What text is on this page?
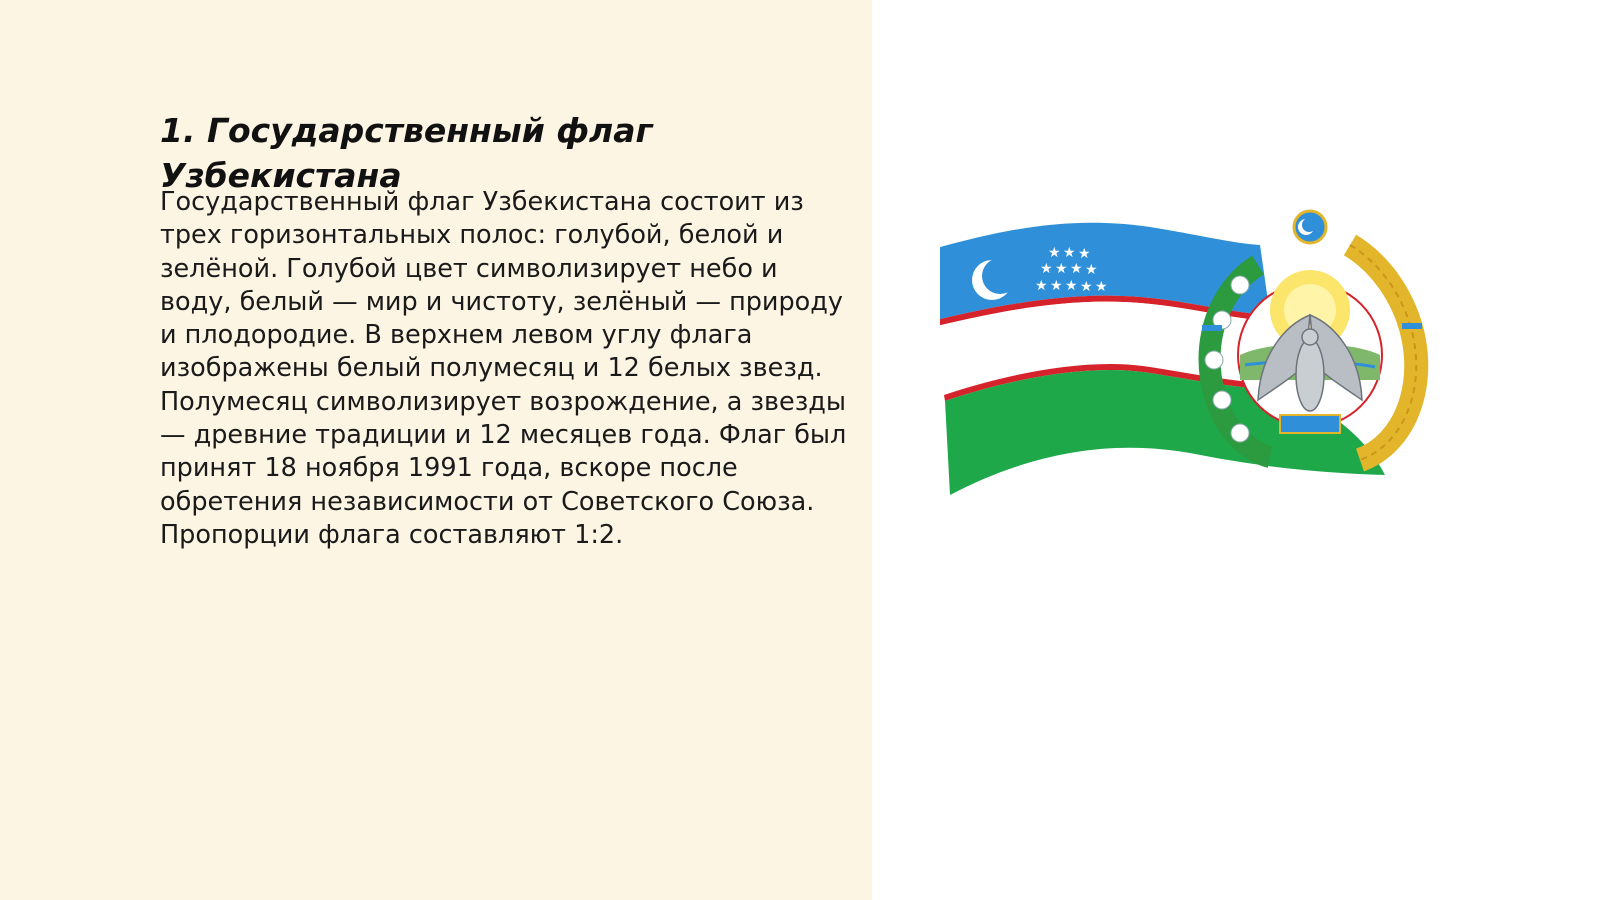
1. Государственный флаг Узбекистана

Государственный флаг Узбекистана состоит из трех горизонтальных полос: голубой, белой и зелёной. Голубой цвет символизирует небо и воду, белый — мир и чистоту, зелёный — природу и плодородие. В верхнем левом углу флага изображены белый полумесяц и 12 белых звезд. Полумесяц символизирует возрождение, а звезды — древние традиции и 12 месяцев года. Флаг был принят 18 ноября 1991 года, вскоре после обретения независимости от Советского Союза. Пропорции флага составляют 1:2.

★ ★ ★
★ ★ ★ ★
★ ★ ★ ★ ★
